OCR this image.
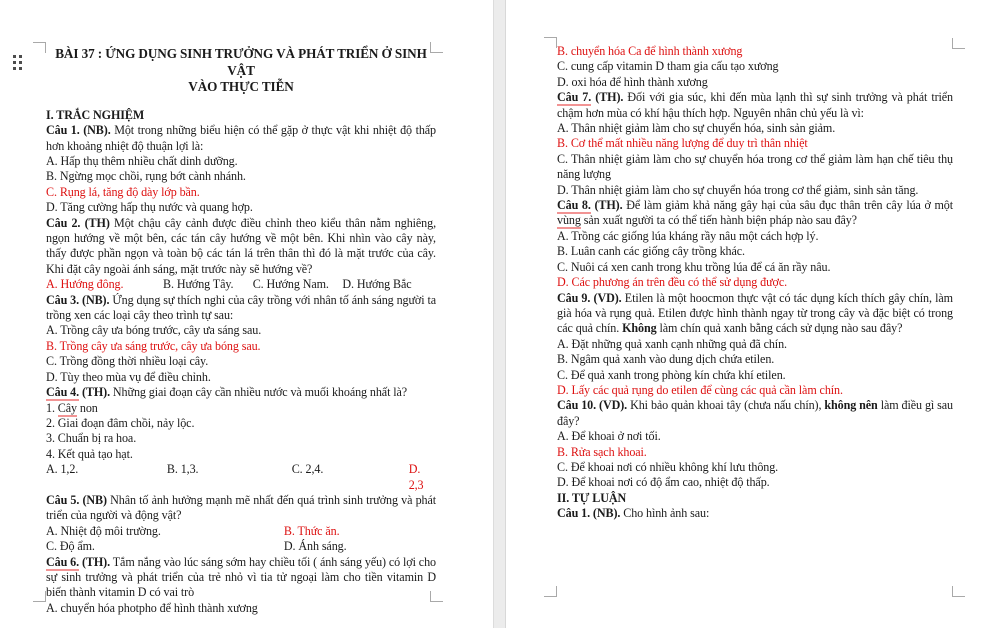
BÀI 37 : ỨNG DỤNG SINH TRƯỞNG VÀ PHÁT TRIỂN Ở SINH VẬT
VÀO THỰC TIỄN
I. TRẮC NGHIỆM
Câu 1. (NB). Một trong những biểu hiện có thể gặp ở thực vật khi nhiệt độ thấp hơn khoảng nhiệt độ thuận lợi là:
A. Hấp thụ thêm nhiều chất dinh dưỡng.
B. Ngừng mọc chồi, rụng bớt cành nhánh.
C. Rụng lá, tăng độ dày lớp bần.
D. Tăng cường hấp thụ nước và quang hợp.
Câu 2. (TH) Một chậu cây cảnh được điều chỉnh theo kiểu thân nằm nghiêng, ngọn hướng về một bên, các tán cây hướng về một bên. Khi nhìn vào cây này, thấy được phần ngọn và toàn bộ các tán lá trên thân thì đó là mặt trước của cây. Khi đặt cây ngoài ánh sáng, mặt trước này sẽ hướng về?
A. Hướng đông.	B. Hướng Tây.	C. Hướng Nam.	D. Hướng Bắc
Câu 3. (NB). Ứng dụng sự thích nghi của cây trồng với nhân tố ánh sáng người ta trồng xen các loại cây theo trình tự sau:
A. Trồng cây ưa bóng trước, cây ưa sáng sau.
B. Trồng cây ưa sáng trước, cây ưa bóng sau.
C. Trồng đồng thời nhiều loại cây.
D. Tùy theo mùa vụ để điều chỉnh.
Câu 4. (TH). Những giai đoạn cây cần nhiều nước và muối khoáng nhất là?
1. Cây non
2. Giai đoạn đâm chồi, nảy lộc.
3. Chuẩn bị ra hoa.
4. Kết quả tạo hạt.
A. 1,2.	B. 1,3.	C. 2,4.	D. 2,3
Câu 5. (NB) Nhân tố ảnh hưởng mạnh mẽ nhất đến quá trình sinh trưởng và phát triển của người và động vật?
A. Nhiệt độ môi trường.	B. Thức ăn.
C. Độ ẩm.	D. Ánh sáng.
Câu 6. (TH). Tắm nắng vào lúc sáng sớm hay chiều tối ( ánh sáng yếu) có lợi cho sự sinh trưởng và phát triển của trẻ nhỏ vì tia tử ngoại làm cho tiền vitamin D biến thành vitamin D có vai trò
A. chuyển hóa photpho để hình thành xương
B. chuyển hóa Ca để hình thành xương
C. cung cấp vitamin D tham gia cấu tạo xương
D. oxi hóa để hình thành xương
Câu 7. (TH). Đối với gia súc, khi đến mùa lạnh thì sự sinh trưởng và phát triển chậm hơn mùa có khí hậu thích hợp. Nguyên nhân chủ yếu là vì:
A. Thân nhiệt giảm làm cho sự chuyển hóa, sinh sản giảm.
B. Cơ thể mất nhiều năng lượng để duy trì thân nhiệt
C. Thân nhiệt giảm làm cho sự chuyển hóa trong cơ thể giảm làm hạn chế tiêu thụ năng lượng
D. Thân nhiệt giảm làm cho sự chuyển hóa trong cơ thể giảm, sinh sản tăng.
Câu 8. (TH). Để làm giảm khả năng gây hại của sâu đục thân trên cây lúa ở một vùng sản xuất người ta có thể tiến hành biện pháp nào sau đây?
A. Trồng các giống lúa kháng rầy nâu một cách hợp lý.
B. Luân canh các giống cây trồng khác.
C. Nuôi cá xen canh trong khu trồng lúa để cá ăn rầy nâu.
D. Các phương án trên đều có thể sử dụng được.
Câu 9. (VD). Etilen là một hoocmon thực vật có tác dụng kích thích gây chín, làm già hóa và rụng quả. Etilen được hình thành ngay từ trong cây và đặc biệt có trong các quả chín. Không làm chín quả xanh bằng cách sử dụng nào sau đây?
A. Đặt những quả xanh cạnh những quả đã chín.
B. Ngâm quả xanh vào dung dịch chứa etilen.
C. Để quả xanh trong phòng kín chứa khí etilen.
D. Lấy các quả rụng do etilen để cùng các quả cần làm chín.
Câu 10. (VD). Khi bảo quản khoai tây (chưa nấu chín), không nên làm điều gì sau đây?
A. Để khoai ở nơi tối.
B. Rửa sạch khoai.
C. Để khoai nơi có nhiều không khí lưu thông.
D. Để khoai nơi có độ ẩm cao, nhiệt độ thấp.
II. TỰ LUẬN
Câu 1. (NB). Cho hình ảnh sau:
